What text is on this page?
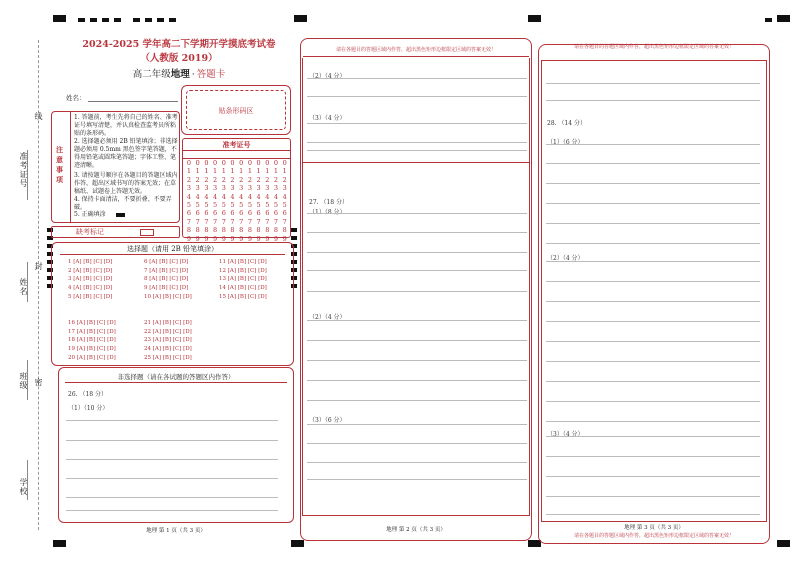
线
封
密
准考证号
姓名
班级
学校
2024-2025 学年高二下学期开学摸底考试卷
（人教版 2019）
高二年级地理 · 答题卡
姓名：
贴条形码区
注意事项
1. 答题前，考生先将自己的姓名、准考证号填写清楚，并认真检查监考员所粘贴的条形码。
2. 选择题必须用 2B 铅笔填涂；非选择题必须用 0.5mm 黑色签字笔答题，不得用铅笔或圆珠笔答题；字体工整、笔迹清晰。
3. 请按题号顺序在各题目的答题区域内作答，超出区域书写的答案无效；在草稿纸、试题卷上答题无效。
4. 保持卡面清洁，不要折叠、不要弄破。
5. 正确填涂
准考证号
0
1
2
3
4
5
6
7
8
9
0
1
2
3
4
5
6
7
8
9
0
1
2
3
4
5
6
7
8
9
0
1
2
3
4
5
6
7
8
9
0
1
2
3
4
5
6
7
8
9
0
1
2
3
4
5
6
7
8
9
0
1
2
3
4
5
6
7
8
9
0
1
2
3
4
5
6
7
8
9
0
1
2
3
4
5
6
7
8
9
0
1
2
3
4
5
6
7
8
9
0
1
2
3
4
5
6
7
8
9
0
1
2
3
4
5
6
7
8
9
缺考标记
选择题（请用 2B 铅笔填涂）
1 [A] [B] [C] [D]
2 [A] [B] [C] [D]
3 [A] [B] [C] [D]
4 [A] [B] [C] [D]
5 [A] [B] [C] [D]
6 [A] [B] [C] [D]
7 [A] [B] [C] [D]
8 [A] [B] [C] [D]
9 [A] [B] [C] [D]
10 [A] [B] [C] [D]
11 [A] [B] [C] [D]
12 [A] [B] [C] [D]
13 [A] [B] [C] [D]
14 [A] [B] [C] [D]
15 [A] [B] [C] [D]
16 [A] [B] [C] [D]
17 [A] [B] [C] [D]
18 [A] [B] [C] [D]
19 [A] [B] [C] [D]
20 [A] [B] [C] [D]
21 [A] [B] [C] [D]
22 [A] [B] [C] [D]
23 [A] [B] [C] [D]
24 [A] [B] [C] [D]
25 [A] [B] [C] [D]
非选择题（请在各试题的答题区内作答）
26. （18 分）
（1）（10 分）
地理 第 1 页（共 3 页）
请在各题目的答题区域内作答，超出黑色矩形边框限定区域的答案无效！
（2）（4 分）
（3）（4 分）
27. （18 分）
（1）（8 分）
（2）（4 分）
（3）（6 分）
地理 第 2 页（共 3 页）
请在各题目的答题区域内作答，超出黑色矩形边框限定区域的答案无效！
28. （14 分）
（1）（6 分）
（2）（4 分）
（3）（4 分）
地理 第 3 页（共 3 页）
请在各题目的答题区域内作答，超出黑色矩形边框限定区域的答案无效！
